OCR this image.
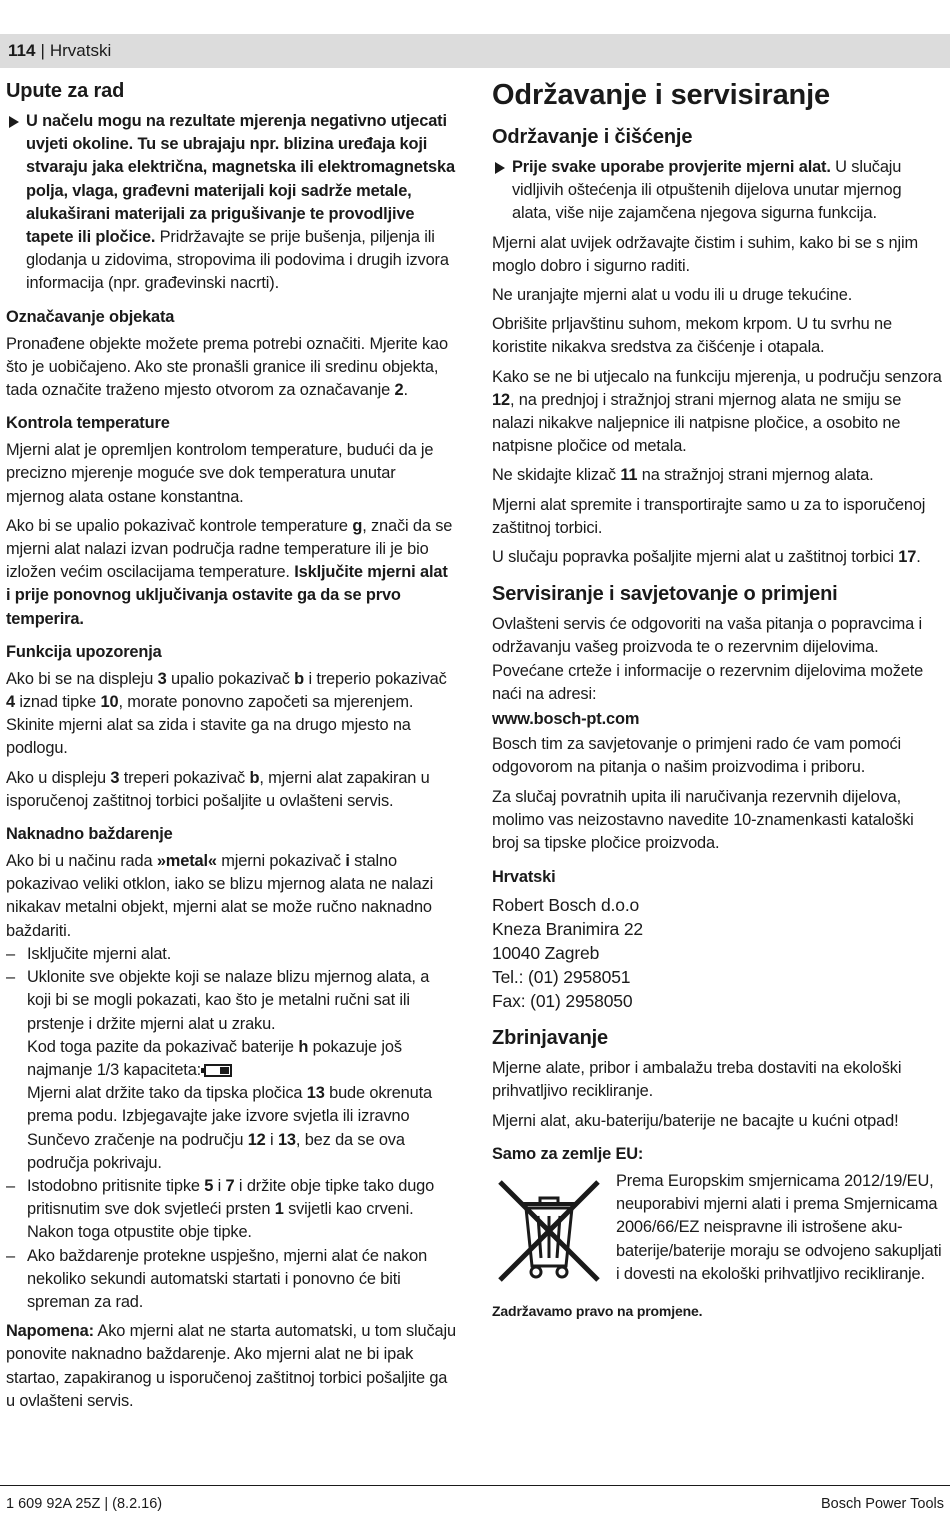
114 | Hrvatski
Upute za rad
U načelu mogu na rezultate mjerenja negativno utjecati uvjeti okoline. Tu se ubrajaju npr. blizina uređaja koji stvaraju jaka električna, magnetska ili elektromagnetska polja, vlaga, građevni materijali koji sadrže metale, alukaširani materijali za prigušivanje te provodljive tapete ili pločice. Pridržavajte se prije bušenja, piljenja ili glodanja u zidovima, stropovima ili podovima i drugih izvora informacija (npr. građevinski nacrti).
Označavanje objekata

Pronađene objekte možete prema potrebi označiti. Mjerite kao što je uobičajeno. Ako ste pronašli granice ili sredinu objekta, tada označite traženo mjesto otvorom za označavanje 2.

Kontrola temperature

Mjerni alat je opremljen kontrolom temperature, budući da je precizno mjerenje moguće sve dok temperatura unutar mjernog alata ostane konstantna.

Ako bi se upalio pokazivač kontrole temperature g, znači da se mjerni alat nalazi izvan područja radne temperature ili je bio izložen većim oscilacijama temperature. Isključite mjerni alat i prije ponovnog uključivanja ostavite ga da se prvo temperira.

Funkcija upozorenja

Ako bi se na displeju 3 upalio pokazivač b i treperio pokazivač 4 iznad tipke 10, morate ponovno započeti sa mjerenjem. Skinite mjerni alat sa zida i stavite ga na drugo mjesto na podlogu.

Ako u displeju 3 treperi pokazivač b, mjerni alat zapakiran u isporučenoj zaštitnoj torbici pošaljite u ovlašteni servis.

Naknadno baždarenje

Ako bi u načinu rada »metal« mjerni pokazivač i stalno pokazivao veliki otklon, iako se blizu mjernog alata ne nalazi nikakav metalni objekt, mjerni alat se može ručno naknadno baždariti.

– Isključite mjerni alat.

– Uklonite sve objekte koji se nalaze blizu mjernog alata, a koji bi se mogli pokazati, kao što je metalni ručni sat ili prstenje i držite mjerni alat u zraku.

Kod toga pazite da pokazivač baterije h pokazuje još najmanje 1/3 kapaciteta:

Mjerni alat držite tako da tipska pločica 13 bude okrenuta prema podu. Izbjegavajte jake izvore svjetla ili izravno Sunčevo zračenje na području 12 i 13, bez da se ova područja pokrivaju.

– Istodobno pritisnite tipke 5 i 7 i držite obje tipke tako dugo pritisnutim sve dok svjetleći prsten 1 svijetli kao crveni.

Nakon toga otpustite obje tipke.

– Ako baždarenje protekne uspješno, mjerni alat će nakon nekoliko sekundi automatski startati i ponovno će biti spreman za rad.

Napomena: Ako mjerni alat ne starta automatski, u tom slučaju ponovite naknadno baždarenje. Ako mjerni alat ne bi ipak startao, zapakiranog u isporučenoj zaštitnoj torbici pošaljite ga u ovlašteni servis.

Održavanje i servisiranje
Održavanje i čišćenje
Prije svake uporabe provjerite mjerni alat. U slučaju vidljivih oštećenja ili otpuštenih dijelova unutar mjernog alata, više nije zajamčena njegova sigurna funkcija.

Mjerni alat uvijek održavajte čistim i suhim, kako bi se s njim moglo dobro i sigurno raditi.

Ne uranjajte mjerni alat u vodu ili u druge tekućine.

Obrišite prljavštinu suhom, mekom krpom. U tu svrhu ne koristite nikakva sredstva za čišćenje i otapala.

Kako se ne bi utjecalo na funkciju mjerenja, u području senzora 12, na prednjoj i stražnjoj strani mjernog alata ne smiju se nalazi nikakve naljepnice ili natpisne pločice, a osobito ne natpisne pločice od metala.

Ne skidajte klizač 11 na stražnjoj strani mjernog alata.

Mjerni alat spremite i transportirajte samo u za to isporučenoj zaštitnoj torbici.

U slučaju popravka pošaljite mjerni alat u zaštitnoj torbici 17.

Servisiranje i savjetovanje o primjeni

Ovlašteni servis će odgovoriti na vaša pitanja o popravcima i održavanju vašeg proizvoda te o rezervnim dijelovima. Povećane crteže i informacije o rezervnim dijelovima možete naći na adresi:

www.bosch-pt.com

Bosch tim za savjetovanje o primjeni rado će vam pomoći odgovorom na pitanja o našim proizvodima i priboru.

Za slučaj povratnih upita ili naručivanja rezervnih dijelova, molimo vas neizostavno navedite 10-znamenkasti kataloški broj sa tipske pločice proizvoda.

Hrvatski

Robert Bosch d.o.o

Kneza Branimira 22

10040 Zagreb

Tel.: (01) 2958051

Fax: (01) 2958050

Zbrinjavanje

Mjerne alate, pribor i ambalažu treba dostaviti na ekološki prihvatljivo recikliranje.

Mjerni alat, aku-bateriju/baterije ne bacajte u kućni otpad!

Samo za zemlje EU:
Prema Europskim smjernicama 2012/19/EU, neuporabivi mjerni alati i prema Smjernicama 2006/66/EZ neispravne ili istrošene aku-baterije/baterije moraju se odvojeno sakupljati i dovesti na ekološki prihvatljivo recikliranje.
Zadržavamo pravo na promjene.
1 609 92A 25Z | (8.2.16)	Bosch Power Tools
